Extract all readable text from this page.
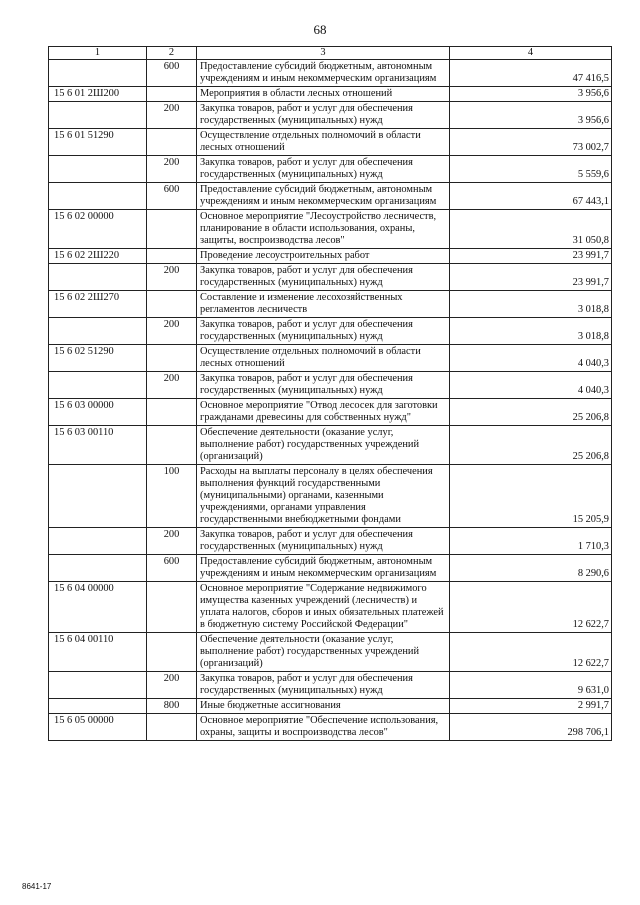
68
1	2	3	4
	600	Предоставление субсидий бюджетным, автономным учреждениям и иным некоммерческим организациям	47 416,5
15 6 01 2Ш200		Мероприятия в области лесных отношений	3 956,6
	200	Закупка товаров, работ и услуг для обеспечения государственных (муниципальных) нужд	3 956,6
15 6 01 51290		Осуществление отдельных полномочий в области лесных отношений	73 002,7
	200	Закупка товаров, работ и услуг для обеспечения государственных (муниципальных) нужд	5 559,6
	600	Предоставление субсидий бюджетным, автономным учреждениям и иным некоммерческим организациям	67 443,1
15 6 02 00000		Основное мероприятие "Лесоустройство лесничеств, планирование в области использования, охраны, защиты, воспроизводства лесов"	31 050,8
15 6 02 2Ш220		Проведение лесоустроительных работ	23 991,7
	200	Закупка товаров, работ и услуг для обеспечения государственных (муниципальных) нужд	23 991,7
15 6 02 2Ш270		Составление и изменение лесохозяйственных регламентов лесничеств	3 018,8
	200	Закупка товаров, работ и услуг для обеспечения государственных (муниципальных) нужд	3 018,8
15 6 02 51290		Осуществление отдельных полномочий в области лесных отношений	4 040,3
	200	Закупка товаров, работ и услуг для обеспечения государственных (муниципальных) нужд	4 040,3
15 6 03 00000		Основное мероприятие "Отвод лесосек для заготовки гражданами древесины для собственных нужд"	25 206,8
15 6 03 00110		Обеспечение деятельности (оказание услуг, выполнение работ) государственных учреждений (организаций)	25 206,8
	100	Расходы на выплаты персоналу в целях обеспечения выполнения функций государственными (муниципальными) органами, казенными учреждениями, органами управления государственными внебюджетными фондами	15 205,9
	200	Закупка товаров, работ и услуг для обеспечения государственных (муниципальных) нужд	1 710,3
	600	Предоставление субсидий бюджетным, автономным учреждениям и иным некоммерческим организациям	8 290,6
15 6 04 00000		Основное мероприятие "Содержание недвижимого имущества казенных учреждений (лесничеств) и уплата налогов, сборов и иных обязательных платежей в бюджетную систему Российской Федерации"	12 622,7
15 6 04 00110		Обеспечение деятельности (оказание услуг, выполнение работ) государственных учреждений (организаций)	12 622,7
	200	Закупка товаров, работ и услуг для обеспечения государственных (муниципальных) нужд	9 631,0
	800	Иные бюджетные ассигнования	2 991,7
15 6 05 00000		Основное мероприятие "Обеспечение использования, охраны, защиты и воспроизводства лесов"	298 706,1
8641-17
